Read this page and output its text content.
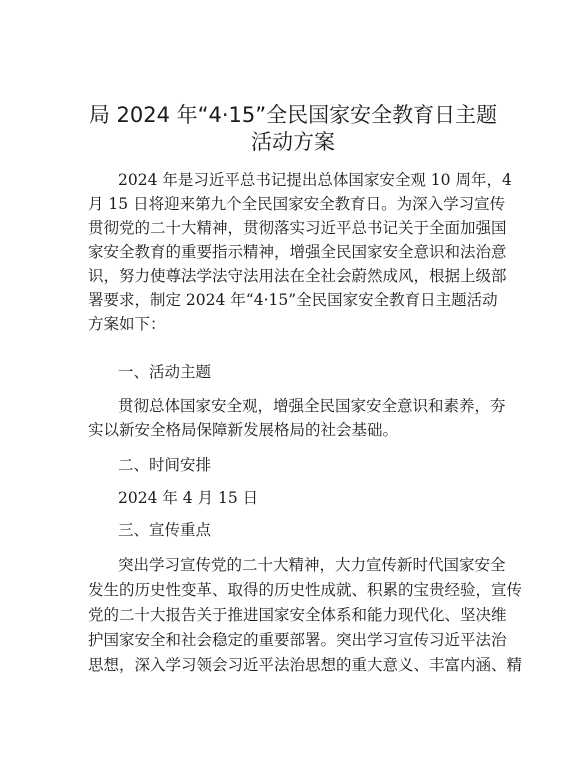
局 2024 年“4·15”全民国家安全教育日主题
活动方案

2024 年是习近平总书记提出总体国家安全观 10 周年，4

月 15 日将迎来第九个全民国家安全教育日。为深入学习宣传

贯彻党的二十大精神，贯彻落实习近平总书记关于全面加强国

家安全教育的重要指示精神，增强全民国家安全意识和法治意

识，努力使尊法学法守法用法在全社会蔚然成风，根据上级部

署要求，制定 2024 年“4·15”全民国家安全教育日主题活动

方案如下：

一、活动主题

贯彻总体国家安全观，增强全民国家安全意识和素养，夯

实以新安全格局保障新发展格局的社会基础。

二、时间安排

2024 年 4 月 15 日

三、宣传重点

突出学习宣传党的二十大精神，大力宣传新时代国家安全

发生的历史性变革、取得的历史性成就、积累的宝贵经验，宣传

党的二十大报告关于推进国家安全体系和能力现代化、坚决维

护国家安全和社会稳定的重要部署。突出学习宣传习近平法治

思想，深入学习领会习近平法治思想的重大意义、丰富内涵、精
